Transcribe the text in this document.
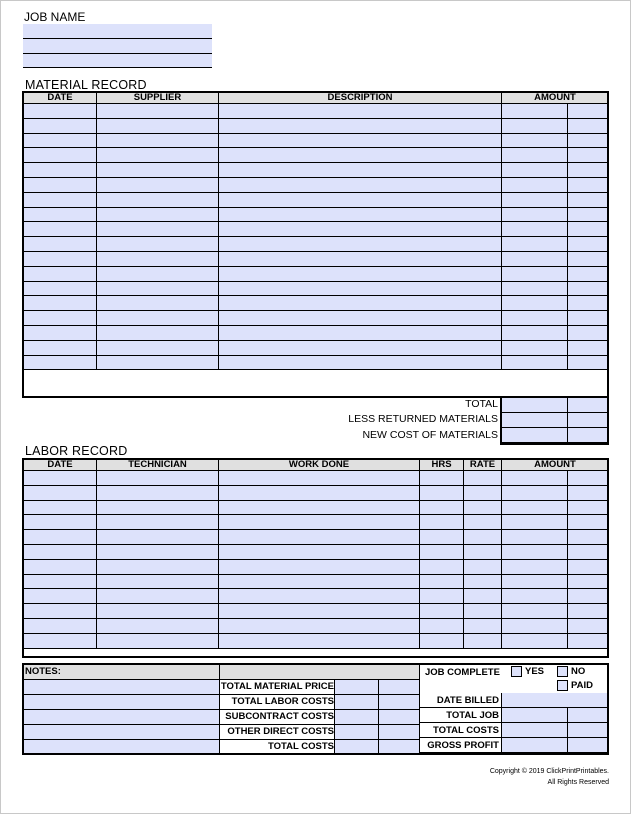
JOB NAME
MATERIAL RECORD
DATE	SUPPLIER	DESCRIPTION	AMOUNT	

TOTAL
LESS RETURNED MATERIALS
NEW COST OF MATERIALS

LABOR RECORD
DATE	TECHNICIAN	WORK DONE	HRS	RATE	AMOUNT	

NOTES:			
	TOTAL MATERIAL PRICE		
	TOTAL LABOR COSTS		
	SUBCONTRACT COSTS		
	OTHER DIRECT COSTS		
	TOTAL COSTS		
JOB COMPLETE YES NO
PAID		

DATE BILLED		
TOTAL JOB		
TOTAL COSTS		
GROSS PROFIT		
Copyright © 2019 ClickPrintPrintables.
All Rights Reserved
